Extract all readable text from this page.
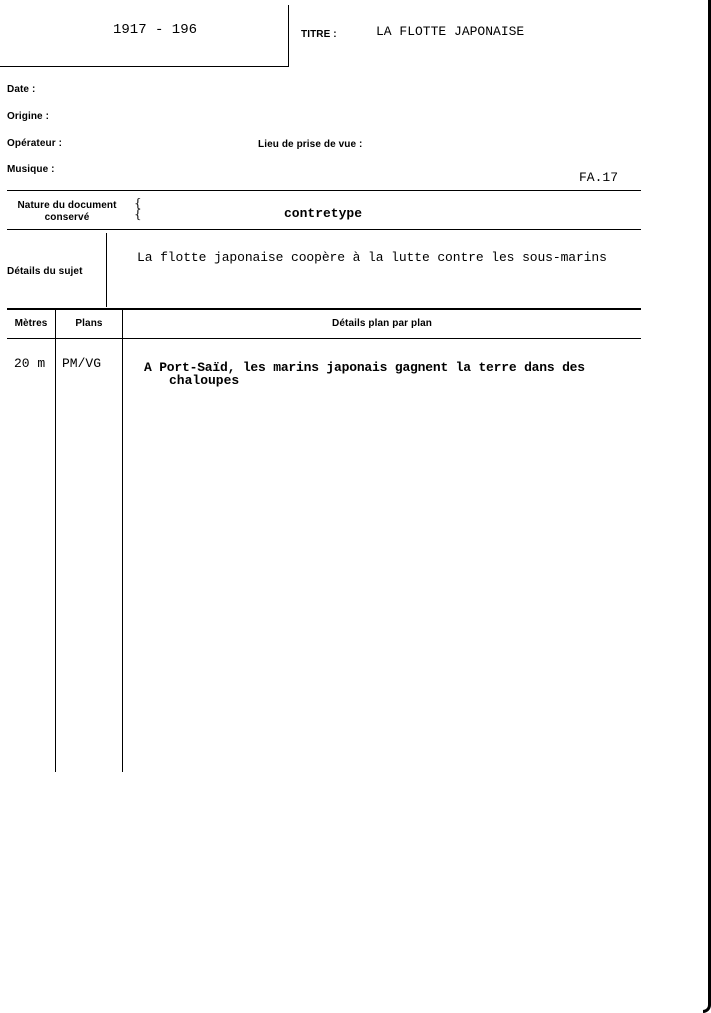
1917 - 196	TITRE :	LA FLOTTE JAPONAISE
Date :
Origine :
Opérateur :	Lieu de prise de vue :
Musique :
FA.17
Nature du document
conservé
{
{	contretype
Détails du sujet
La flotte japonaise coopère à la lutte contre les sous-marins
Mètres	Plans	Détails plan par plan
20 m PM/VG	A Port-Saïd, les marins japonais gagnent la terre dans des
chaloupes
